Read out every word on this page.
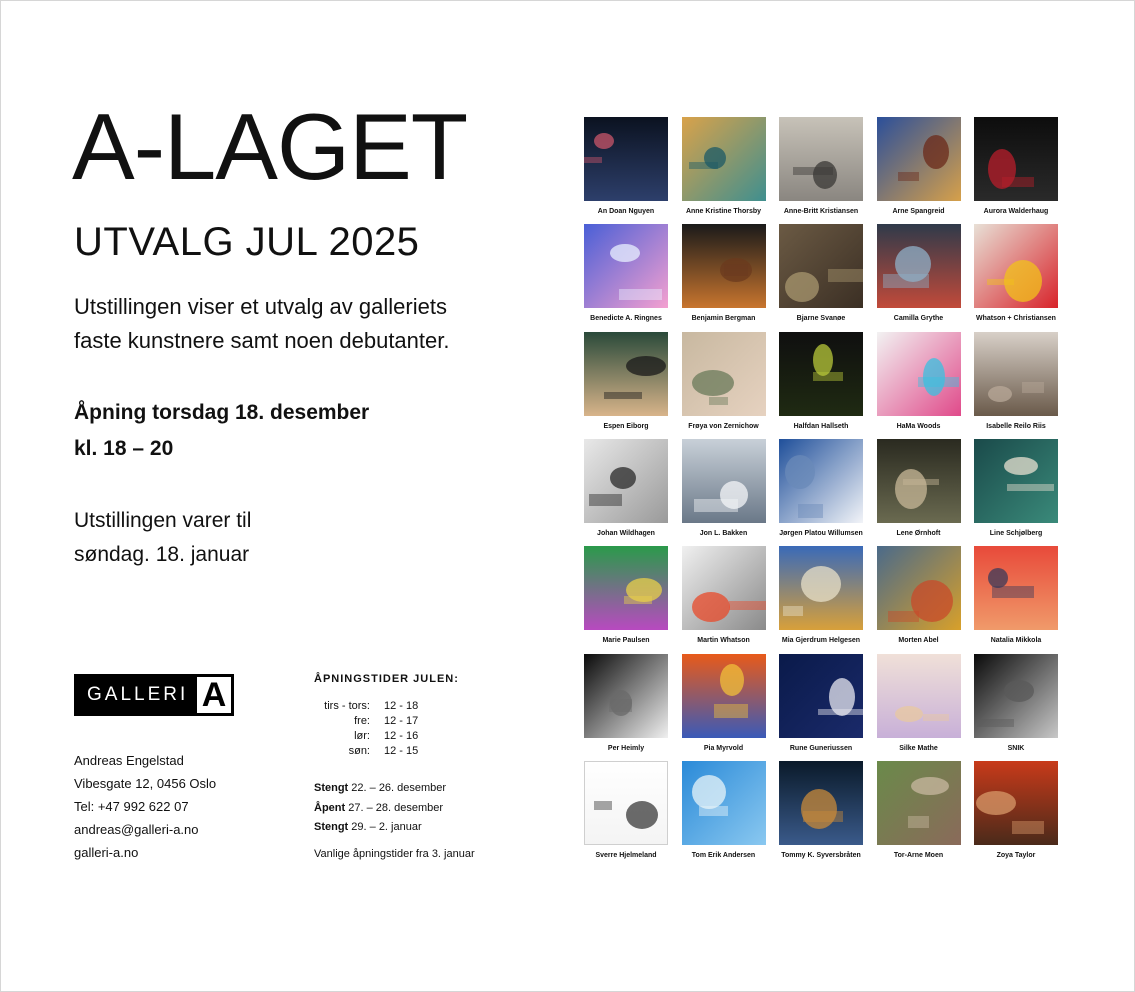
A-LAGET
UTVALG JUL 2025
Utstillingen viser et utvalg av galleriets
faste kunstnere samt noen debutanter.
Åpning torsdag 18. desember
kl. 18 – 20
Utstillingen varer til
søndag. 18. januar
GALLERI A
Andreas Engelstad
Vibesgate 12, 0456 Oslo
Tel: +47 992 622 07
andreas@galleri-a.no
galleri-a.no
ÅPNINGSTIDER JULEN:
tirs - tors:	12 - 18
fre:	12 - 17
lør:	12 - 16
søn:	12 - 15
Stengt 22. – 26. desember
Åpent 27. – 28. desember
Stengt 29. – 2. januar
Vanlige åpningstider fra 3. januar
An Doan Nguyen	Anne Kristine Thorsby	Anne-Britt Kristiansen	Arne Spangreid	Aurora Walderhaug
Benedicte A. Ringnes	Benjamin Bergman	Bjarne Svanøe	Camilla Grythe	Whatson + Christiansen
Espen Eiborg	Frøya von Zernichow	Halfdan Hallseth	HaMa Woods	Isabelle Reilo Riis
Johan Wildhagen	Jon L. Bakken	Jørgen Platou Willumsen	Lene Ørnhoft	Line Schjølberg
Marie Paulsen	Martin Whatson	Mia Gjerdrum Helgesen	Morten Abel	Natalia Mikkola
Per Heimly	Pia Myrvold	Rune Guneriussen	Silke Mathe	SNIK
Sverre Hjelmeland	Tom Erik Andersen	Tommy K. Syversbråten	Tor-Arne Moen	Zoya Taylor
